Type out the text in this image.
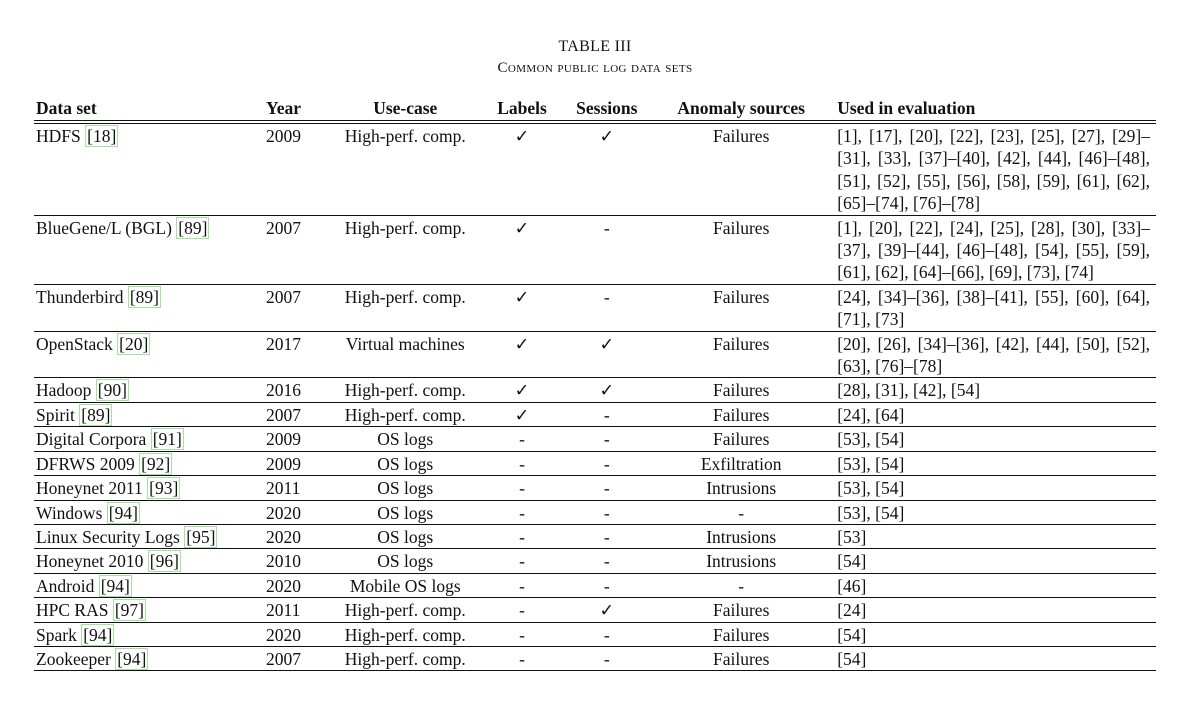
TABLE III
Common public log data sets
Data set	Year	Use-case	Labels	Sessions	Anomaly sources	Used in evaluation
HDFS [18]	2009	High-perf. comp.	✓	✓	Failures	[1], [17], [20], [22], [23], [25], [27], [29]–[31], [33], [37]–[40], [42], [44], [46]–[48], [51], [52], [55], [56], [58], [59], [61], [62], [65]–[74], [76]–[78]
BlueGene/L (BGL) [89]	2007	High-perf. comp.	✓	-	Failures	[1], [20], [22], [24], [25], [28], [30], [33]–[37], [39]–[44], [46]–[48], [54], [55], [59], [61], [62], [64]–[66], [69], [73], [74]
Thunderbird [89]	2007	High-perf. comp.	✓	-	Failures	[24], [34]–[36], [38]–[41], [55], [60], [64], [71], [73]
OpenStack [20]	2017	Virtual machines	✓	✓	Failures	[20], [26], [34]–[36], [42], [44], [50], [52], [63], [76]–[78]
Hadoop [90]	2016	High-perf. comp.	✓	✓	Failures	[28], [31], [42], [54]
Spirit [89]	2007	High-perf. comp.	✓	-	Failures	[24], [64]
Digital Corpora [91]	2009	OS logs	-	-	Failures	[53], [54]
DFRWS 2009 [92]	2009	OS logs	-	-	Exfiltration	[53], [54]
Honeynet 2011 [93]	2011	OS logs	-	-	Intrusions	[53], [54]
Windows [94]	2020	OS logs	-	-	-	[53], [54]
Linux Security Logs [95]	2020	OS logs	-	-	Intrusions	[53]
Honeynet 2010 [96]	2010	OS logs	-	-	Intrusions	[54]
Android [94]	2020	Mobile OS logs	-	-	-	[46]
HPC RAS [97]	2011	High-perf. comp.	-	✓	Failures	[24]
Spark [94]	2020	High-perf. comp.	-	-	Failures	[54]
Zookeeper [94]	2007	High-perf. comp.	-	-	Failures	[54]
